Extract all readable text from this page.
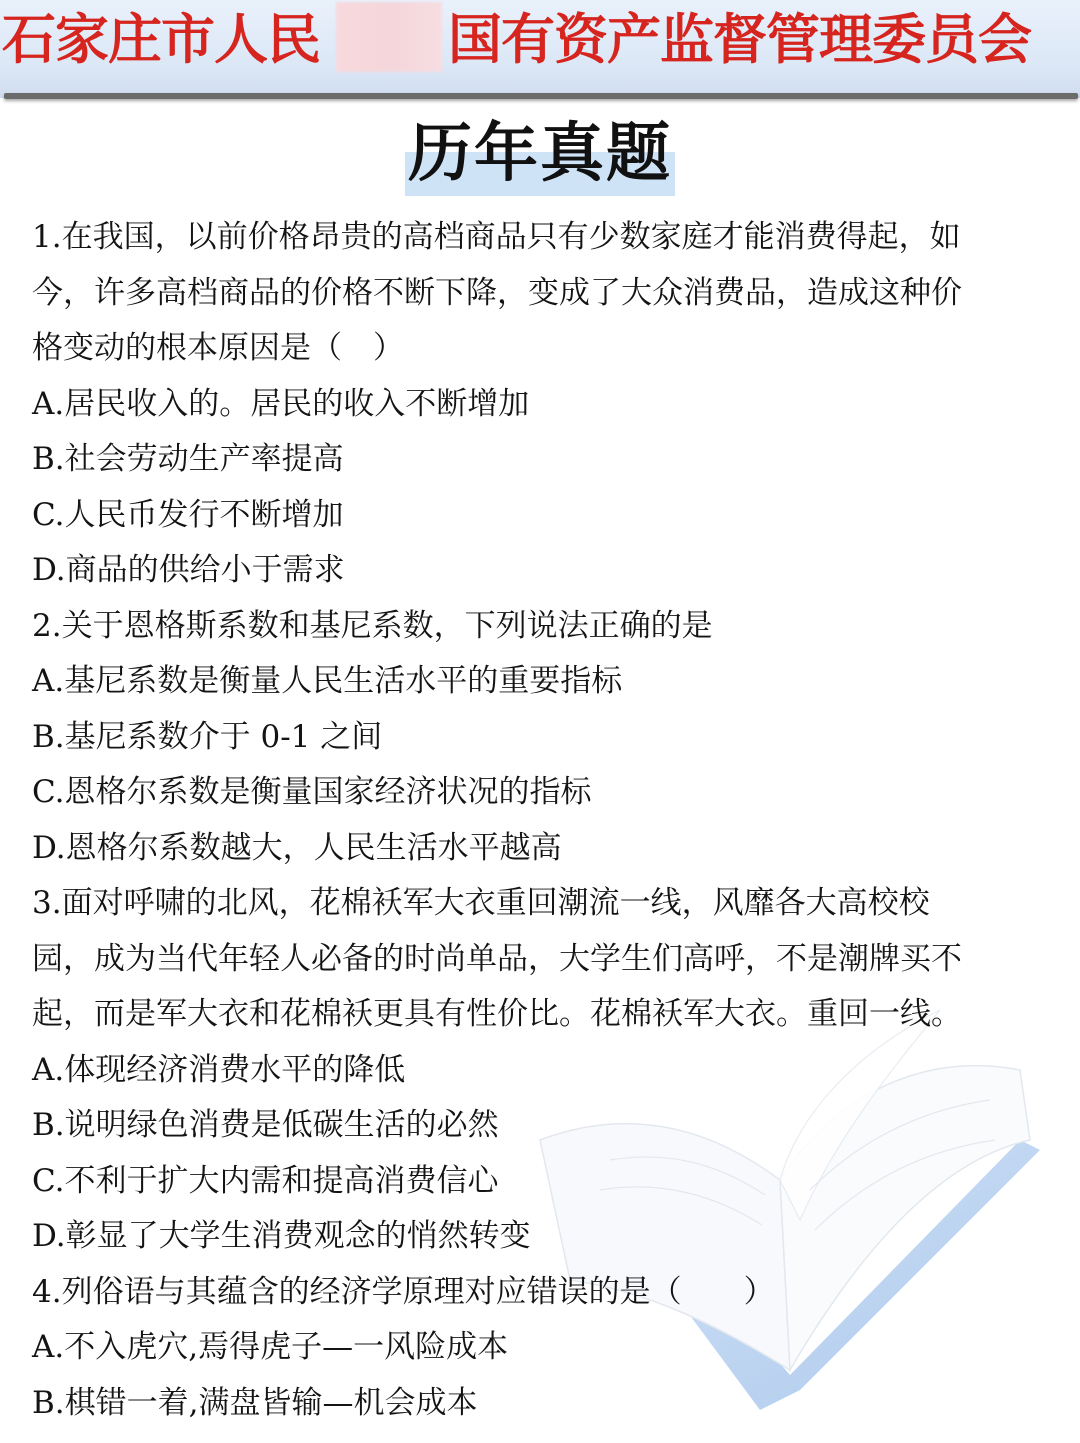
石家庄市人民 国有资产监督管理委员会
历年真题
1.在我国，以前价格昂贵的高档商品只有少数家庭才能消费得起，如
今，许多高档商品的价格不断下降，变成了大众消费品，造成这种价
格变动的根本原因是（　）
A.居民收入的。居民的收入不断增加
B.社会劳动生产率提高
C.人民币发行不断增加
D.商品的供给小于需求
2.关于恩格斯系数和基尼系数，下列说法正确的是
A.基尼系数是衡量人民生活水平的重要指标
B.基尼系数介于 0-1 之间
C.恩格尔系数是衡量国家经济状况的指标
D.恩格尔系数越大，人民生活水平越高
3.面对呼啸的北风，花棉袄军大衣重回潮流一线，风靡各大高校校
园，成为当代年轻人必备的时尚单品，大学生们高呼，不是潮牌买不
起，而是军大衣和花棉袄更具有性价比。花棉袄军大衣。重回一线。
A.体现经济消费水平的降低
B.说明绿色消费是低碳生活的必然
C.不利于扩大内需和提高消费信心
D.彰显了大学生消费观念的悄然转变
4.列俗语与其蕴含的经济学原理对应错误的是（　　）
A.不入虎穴,焉得虎子—一风险成本
B.棋错一着,满盘皆输—机会成本
